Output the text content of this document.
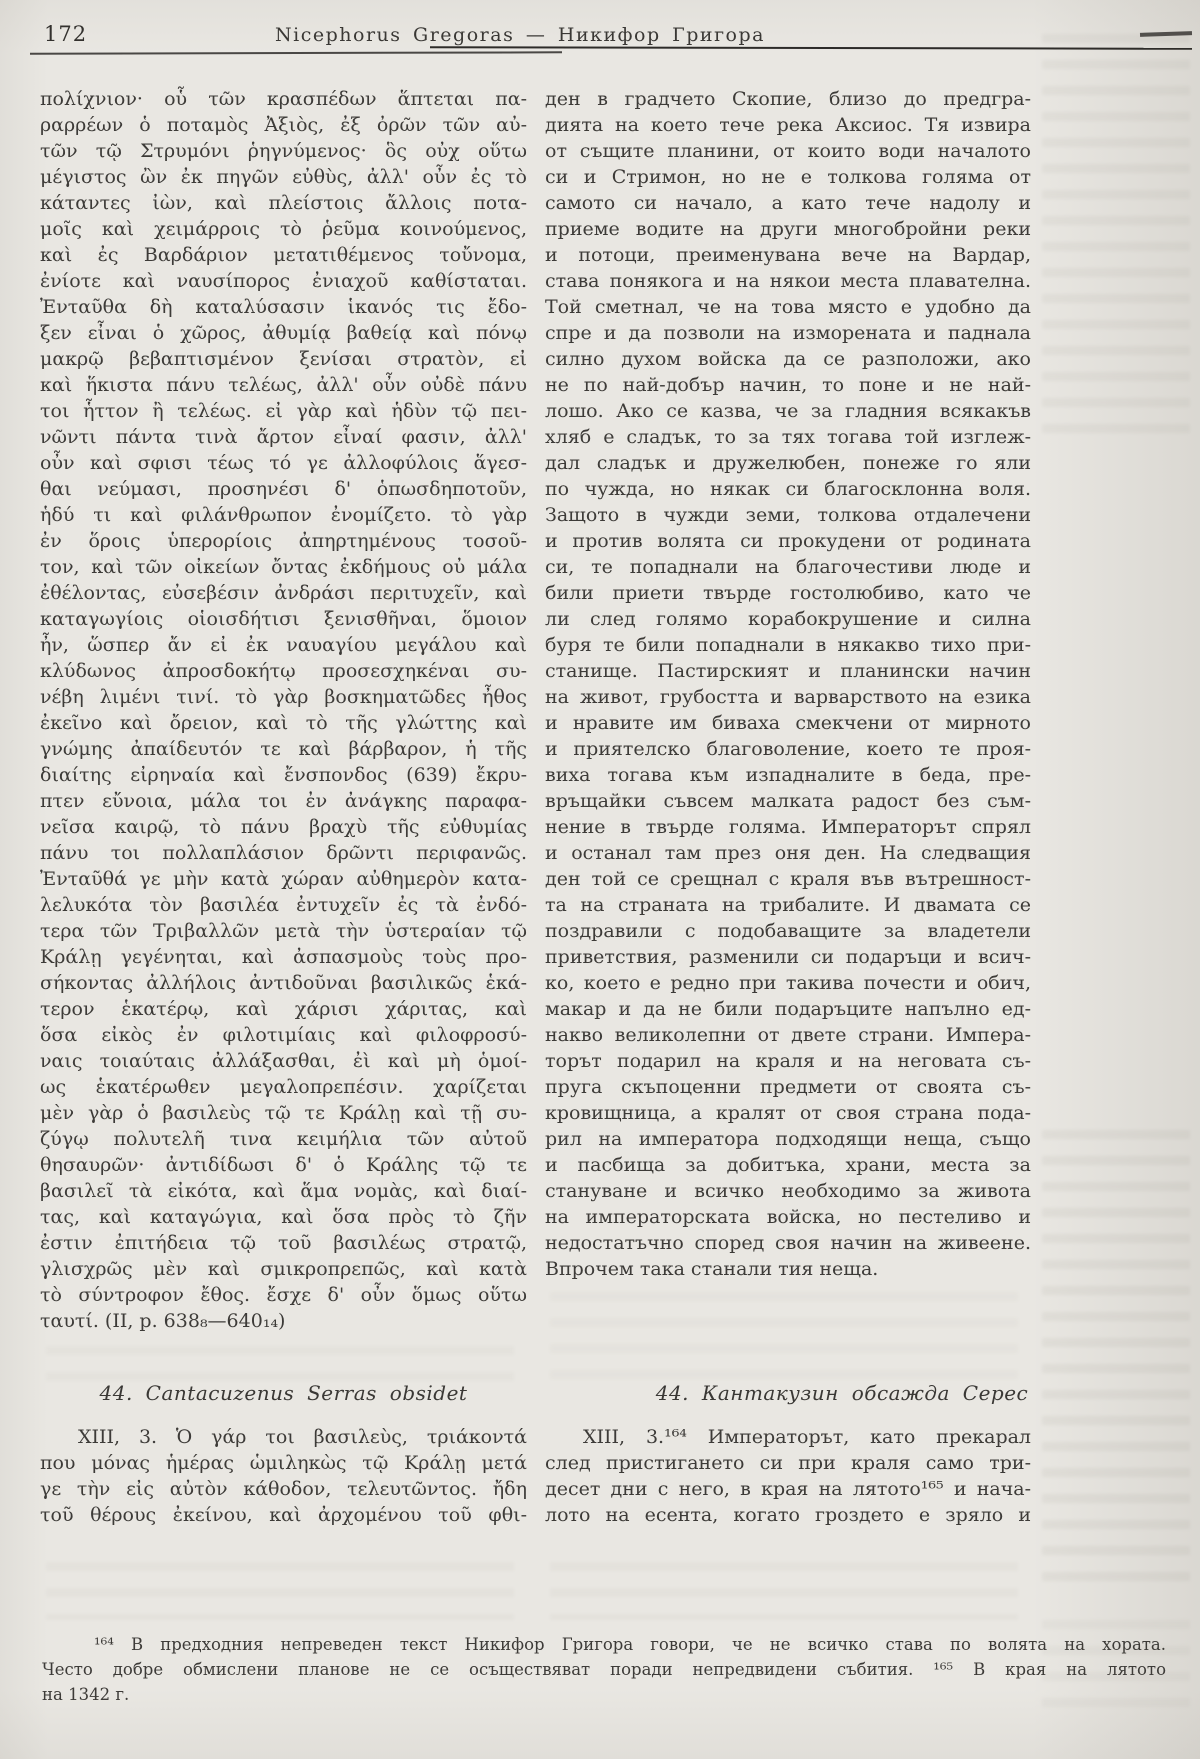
172	Nicephorus Gregoras — Никифор Григора
πολίχνιον· οὗ τῶν κρασπέδων ἅπτεται πα-
ραρρέων ὁ ποταμὸς Ἀξιὸς, ἐξ ὀρῶν τῶν αὐ-
τῶν τῷ Στρυμόνι ῥηγνύμενος· ὃς οὐχ οὕτω
μέγιστος ὢν ἐκ πηγῶν εὐθὺς, ἀλλ' οὖν ἐς τὸ
κάταντες ἰὼν, καὶ πλείστοις ἄλλοις ποτα-
μοῖς καὶ χειμάρροις τὸ ῥεῦμα κοινούμενος,
καὶ ἐς Βαρδάριον μετατιθέμενος τοὔνομα,
ἐνίοτε καὶ ναυσίπορος ἐνιαχοῦ καθίσταται.
Ἐνταῦθα δὴ καταλύσασιν ἱκανός τις ἔδο-
ξεν εἶναι ὁ χῶρος, ἀθυμίᾳ βαθείᾳ καὶ πόνῳ
μακρῷ βεβαπτισμένον ξενίσαι στρατὸν, εἰ
καὶ ἥκιστα πάνυ τελέως, ἀλλ' οὖν οὐδὲ πάνυ
τοι ἧττον ἢ τελέως. εἰ γὰρ καὶ ἡδὺν τῷ πει-
νῶντι πάντα τινὰ ἄρτον εἶναί φασιν, ἀλλ'
οὖν καὶ σφισι τέως τό γε ἀλλοφύλοις ἅγεσ-
θαι νεύμασι, προσηνέσι δ' ὁπωσδηποτοῦν,
ἡδύ τι καὶ φιλάνθρωπον ἐνομίζετο. τὸ γὰρ
ἐν ὅροις ὑπερορίοις ἀπηρτημένους τοσοῦ-
τον, καὶ τῶν οἰκείων ὄντας ἐκδήμους οὐ μάλα
ἐθέλοντας, εὐσεβέσιν ἀνδράσι περιτυχεῖν, καὶ
καταγωγίοις οἱοισδήτισι ξενισθῆναι, ὅμοιον
ἦν, ὥσπερ ἄν εἰ ἐκ ναυαγίου μεγάλου καὶ
κλύδωνος ἀπροσδοκήτῳ προσεσχηκέναι συ-
νέβη λιμένι τινί. τὸ γὰρ βοσκηματῶδες ἦθος
ἐκεῖνο καὶ ὄρειον, καὶ τὸ τῆς γλώττης καὶ
γνώμης ἀπαίδευτόν τε καὶ βάρβαρον, ἡ τῆς
διαίτης εἰρηναία καὶ ἔνσπονδος (639) ἔκρυ-
πτεν εὔνοια, μάλα τοι ἐν ἀνάγκης παραφα-
νεῖσα καιρῷ, τὸ πάνυ βραχὺ τῆς εὐθυμίας
πάνυ τοι πολλαπλάσιον δρῶντι περιφανῶς.
Ἐνταῦθά γε μὴν κατὰ χώραν αὐθημερὸν κατα-
λελυκότα τὸν βασιλέα ἐντυχεῖν ἐς τὰ ἐνδό-
τερα τῶν Τριβαλλῶν μετὰ τὴν ὑστεραίαν τῷ
Κράλῃ γεγένηται, καὶ ἀσπασμοὺς τοὺς προ-
σήκοντας ἀλλήλοις ἀντιδοῦναι βασιλικῶς ἑκά-
τερον ἑκατέρῳ, καὶ χάρισι χάριτας, καὶ
ὅσα εἰκὸς ἐν φιλοτιμίαις καὶ φιλοφροσύ-
ναις τοιαύταις ἀλλάξασθαι, ἐὶ καὶ μὴ ὁμοί-
ως ἑκατέρωθεν μεγαλοπρεπέσιν. χαρίζεται
μὲν γὰρ ὁ βασιλεὺς τῷ τε Κράλῃ καὶ τῇ συ-
ζύγῳ πολυτελῆ τινα κειμήλια τῶν αὐτοῦ
θησαυρῶν· ἀντιδίδωσι δ' ὁ Κράλης τῷ τε
βασιλεῖ τὰ εἰκότα, καὶ ἅμα νομὰς, καὶ διαί-
τας, καὶ καταγώγια, καὶ ὅσα πρὸς τὸ ζῆν
ἐστιν ἐπιτήδεια τῷ τοῦ βασιλέως στρατῷ,
γλισχρῶς μὲν καὶ σμικροπρεπῶς, καὶ κατὰ
τὸ σύντροφον ἔθος. ἔσχε δ' οὖν ὅμως οὕτω
ταυτί. (II, p. 638₈—640₁₄)
44. Cantacuzenus Serras obsidet
XIII, 3. Ὁ γάρ τοι βασιλεὺς, τριάκοντά
που μόνας ἡμέρας ὡμιληκὼς τῷ Κράλῃ μετά
γε τὴν εἰς αὐτὸν κάθοδον, τελευτῶντος. ἤδη
τοῦ θέρους ἐκείνου, καὶ ἀρχομένου τοῦ φθι-
ден в градчето Скопие, близо до предгра-
дията на което тече река Аксиос. Тя извира
от същите планини, от които води началото
си и Стримон, но не е толкова голяма от
самото си начало, а като тече надолу и
приеме водите на други многобройни реки
и потоци, преименувана вече на Вардар,
става понякога и на някои места плавателна.
Той сметнал, че на това място е удобно да
спре и да позволи на изморената и паднала
силно духом войска да се разположи, ако
не по най-добър начин, то поне и не най-
лошо. Ако се казва, че за гладния всякакъв
хляб е сладък, то за тях тогава той изглеж-
дал сладък и дружелюбен, понеже го яли
по чужда, но някак си благосклонна воля.
Защото в чужди земи, толкова отдалечени
и против волята си прокудени от родината
си, те попаднали на благочестиви люде и
били приети твърде гостолюбиво, като че
ли след голямо корабокрушение и силна
буря те били попаднали в някакво тихо при-
станище. Пастирският и планински начин
на живот, грубостта и варварството на езика
и нравите им биваха смекчени от мирното
и приятелско благоволение, което те проя-
виха тогава към изпадналите в беда, пре-
връщайки съвсем малката радост без съм-
нение в твърде голяма. Императорът спрял
и останал там през оня ден. На следващия
ден той се срещнал с краля във вътрешност-
та на страната на трибалите. И двамата се
поздравили с подобаващите за владетели
приветствия, разменили си подаръци и всич-
ко, което е редно при такива почести и обич,
макар и да не били подаръците напълно ед-
накво великолепни от двете страни. Импера-
торът подарил на краля и на неговата съ-
пруга скъпоценни предмети от своята съ-
кровищница, а кралят от своя страна пода-
рил на императора подходящи неща, също
и пасбища за добитъка, храни, места за
стануване и всичко необходимо за живота
на императорската войска, но пестеливо и
недостатъчно според своя начин на живеене.
Впрочем така станали тия неща.
44. Кантакузин обсажда Серес
XIII, 3.¹⁶⁴ Императорът, като прекарал
след пристигането си при краля само три-
десет дни с него, в края на лятото¹⁶⁵ и нача-
лото на есента, когато гроздето е зряло и
¹⁶⁴ В предходния непреведен текст Никифор Григора говори, че не всичко става по волята на хората.
Често добре обмислени планове не се осъществяват поради непредвидени събития. ¹⁶⁵ В края на лятото
на 1342 г.
